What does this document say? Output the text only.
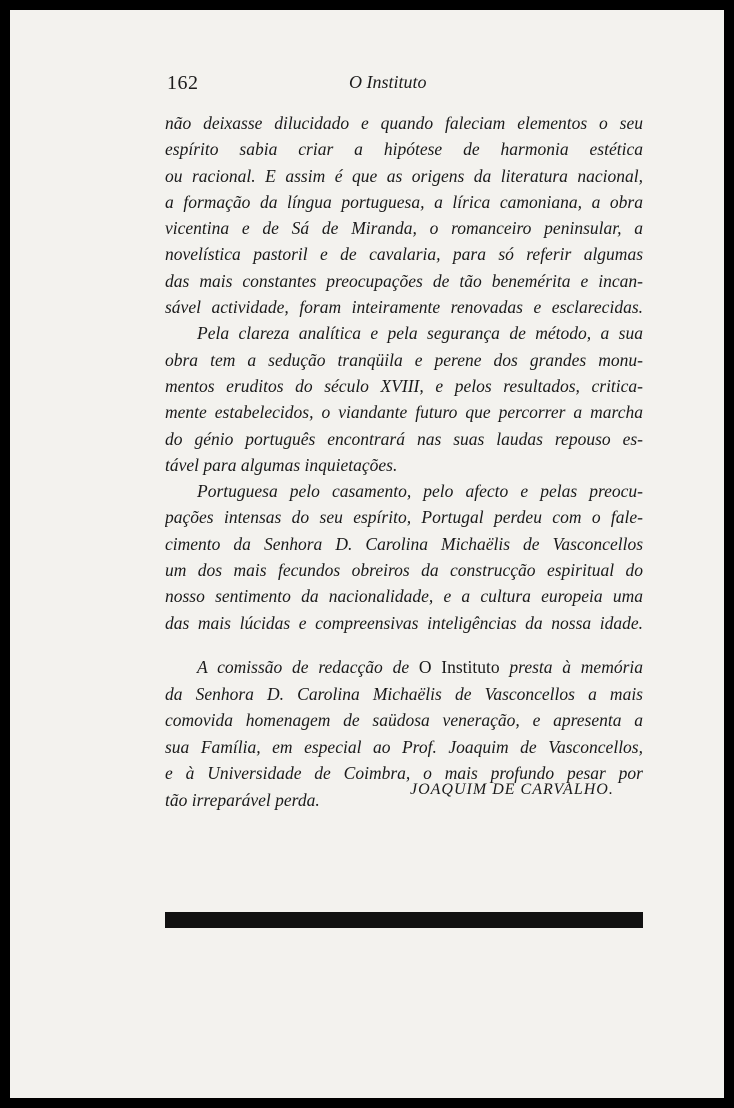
162	O Instituto
não deixasse dilucidado e quando faleciam elementos o seu
espírito sabia criar a hipótese de harmonia estética
ou racional. E assim é que as origens da literatura nacional,
a formação da língua portuguesa, a lírica camoniana, a obra
vicentina e de Sá de Miranda, o romanceiro peninsular, a
novelística pastoril e de cavalaria, para só referir algumas
das mais constantes preocupações de tão benemérita e incan-
sável actividade, foram inteiramente renovadas e esclarecidas.
Pela clareza analítica e pela segurança de método, a sua
obra tem a sedução tranqüila e perene dos grandes monu-
mentos eruditos do século XVIII, e pelos resultados, critica-
mente estabelecidos, o viandante futuro que percorrer a marcha
do génio português encontrará nas suas laudas repouso es-
tável para algumas inquietações.
Portuguesa pelo casamento, pelo afecto e pelas preocu-
pações intensas do seu espírito, Portugal perdeu com o fale-
cimento da Senhora D. Carolina Michaëlis de Vasconcellos
um dos mais fecundos obreiros da construcção espiritual do
nosso sentimento da nacionalidade, e a cultura europeia uma
das mais lúcidas e compreensivas inteligências da nossa idade.
A comissão de redacção de O Instituto presta à memória
da Senhora D. Carolina Michaëlis de Vasconcellos a mais
comovida homenagem de saüdosa veneração, e apresenta a
sua Família, em especial ao Prof. Joaquim de Vasconcellos,
e à Universidade de Coimbra, o mais profundo pesar por
tão irreparável perda.
JOAQUIM DE CARVALHO.
